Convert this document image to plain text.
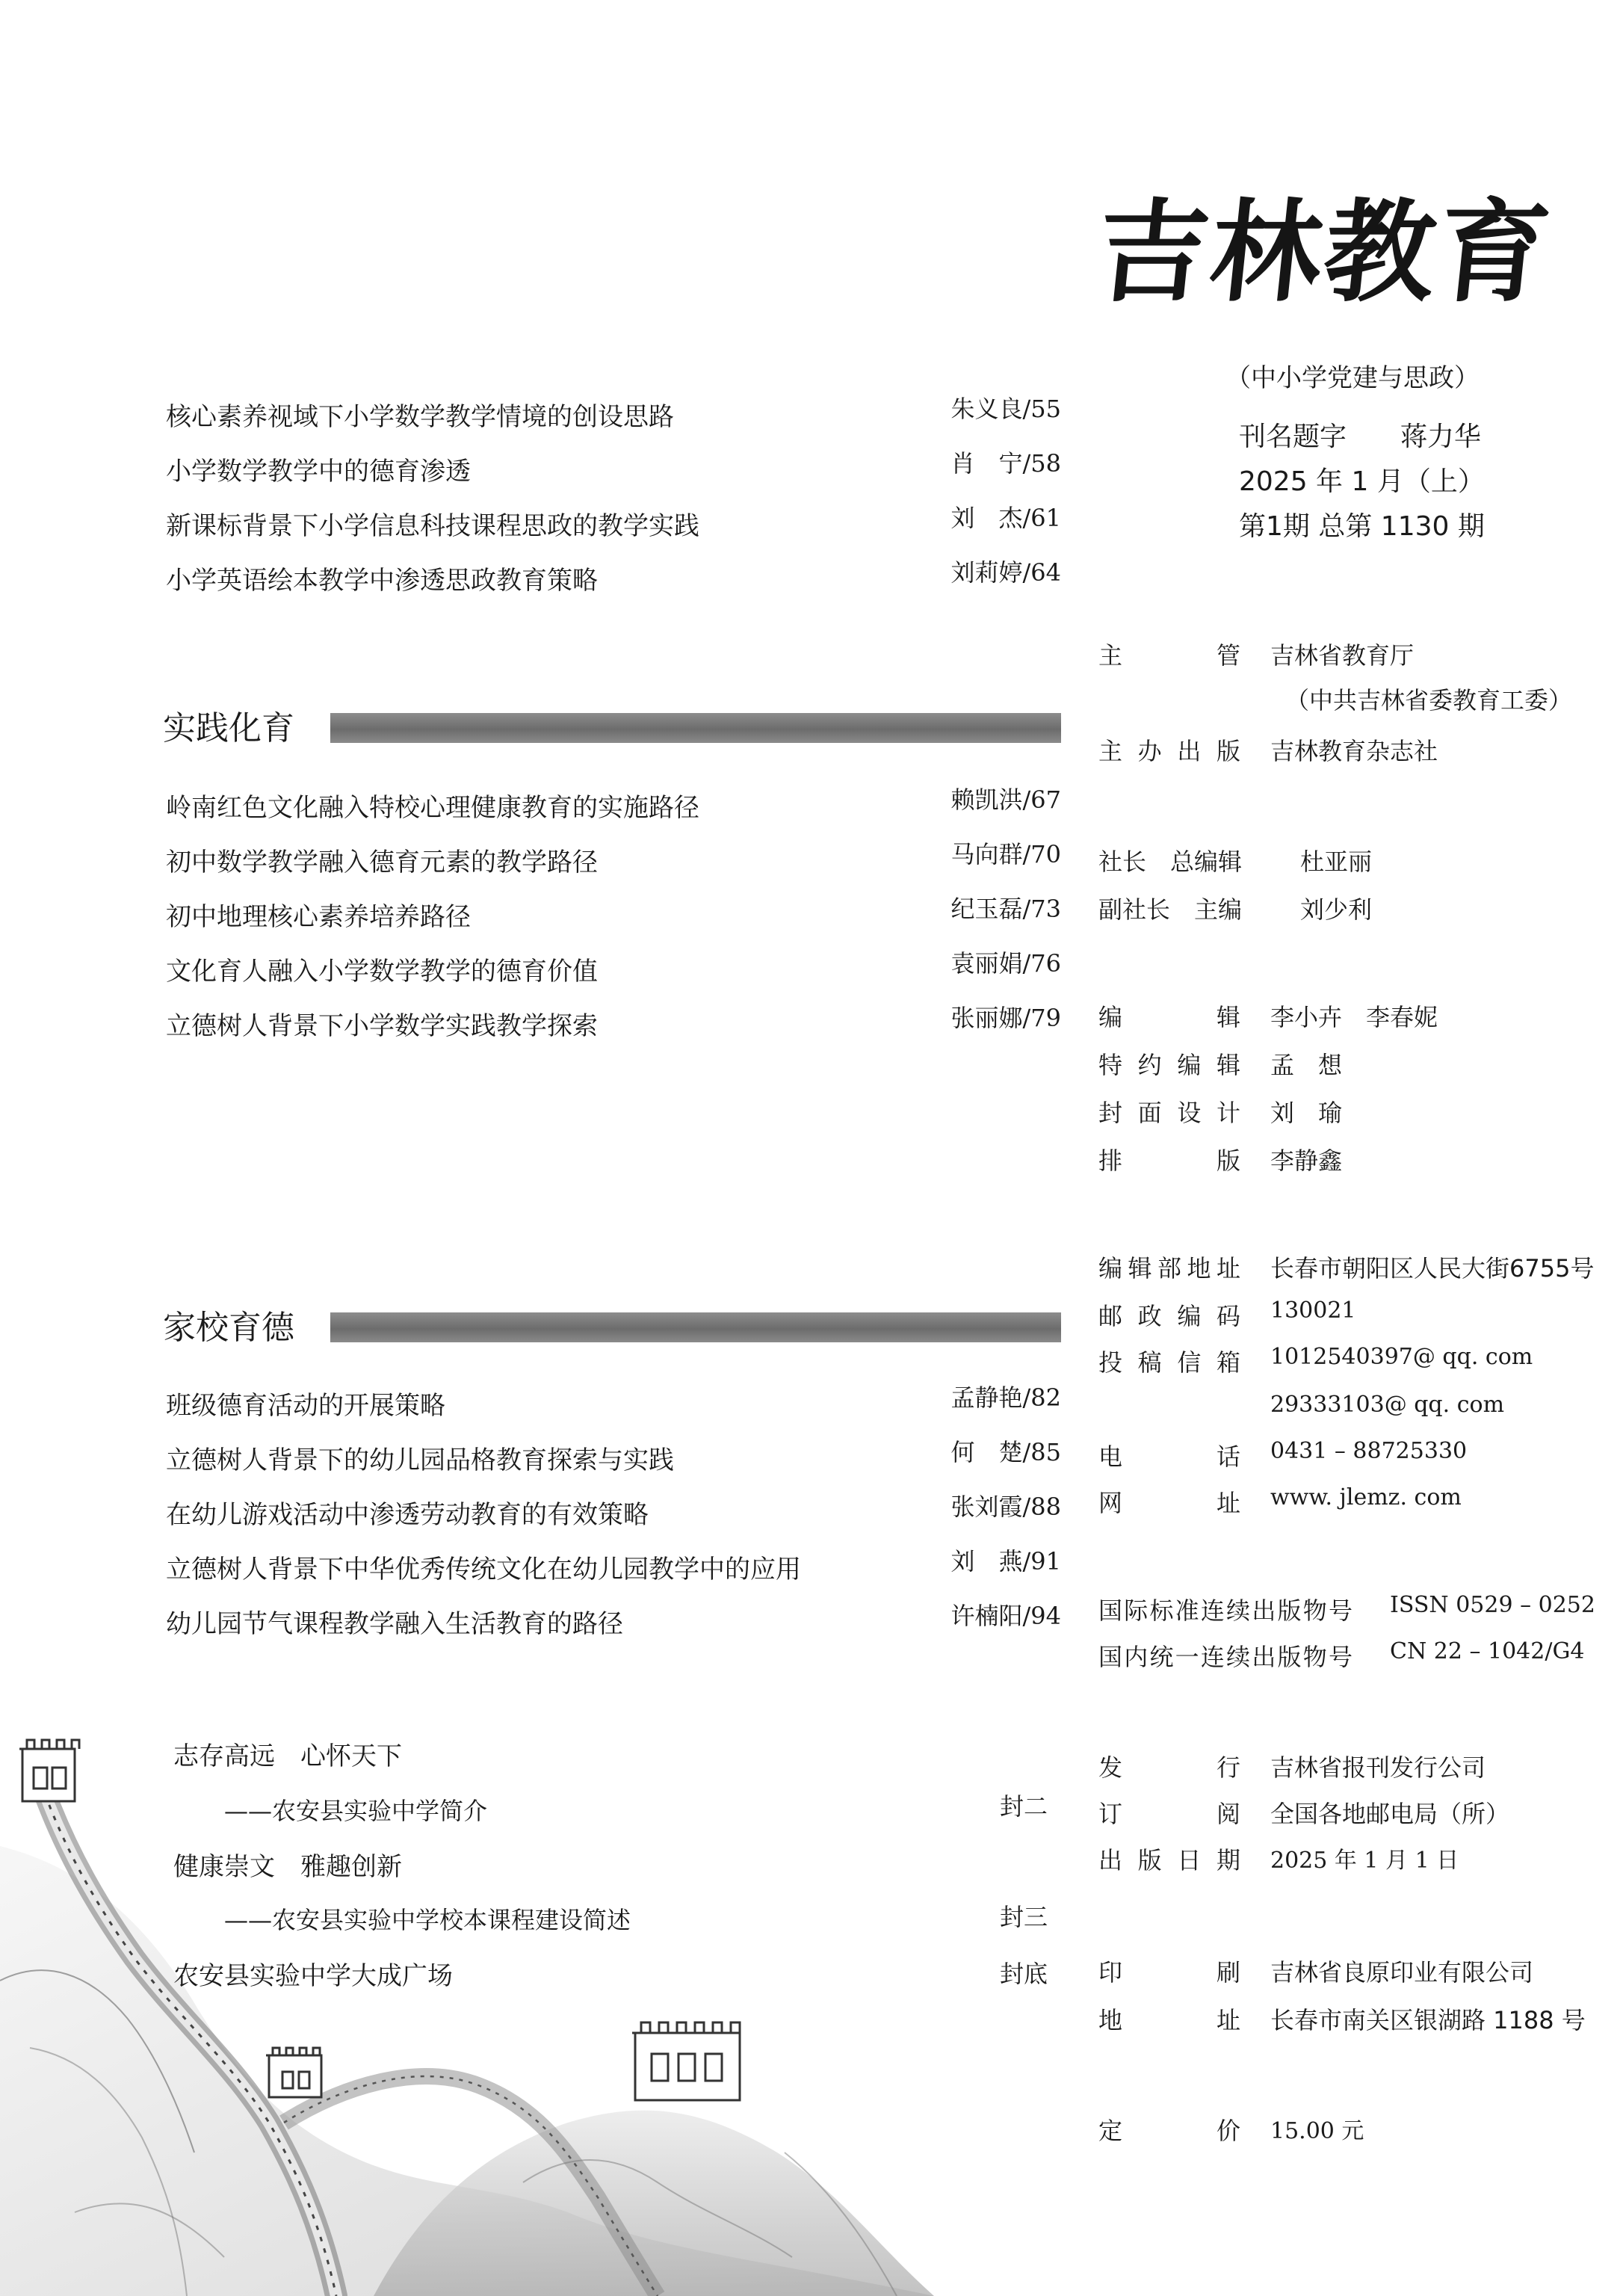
核心素养视域下小学数学教学情境的创设思路	朱义良/55
小学数学教学中的德育渗透	肖　宁/58
新课标背景下小学信息科技课程思政的教学实践	刘　杰/61
小学英语绘本教学中渗透思政教育策略	刘莉婷/64
实践化育
岭南红色文化融入特校心理健康教育的实施路径	赖凯洪/67
初中数学教学融入德育元素的教学路径	马向群/70
初中地理核心素养培养路径	纪玉磊/73
文化育人融入小学数学教学的德育价值	袁丽娟/76
立德树人背景下小学数学实践教学探索	张丽娜/79
家校育德
班级德育活动的开展策略	孟静艳/82
立德树人背景下的幼儿园品格教育探索与实践	何　楚/85
在幼儿游戏活动中渗透劳动教育的有效策略	张刘霞/88
立德树人背景下中华优秀传统文化在幼儿园教学中的应用	刘　燕/91
幼儿园节气课程教学融入生活教育的路径	许楠阳/94
志存高远　心怀天下
——农安县实验中学简介	封二
健康崇文　雅趣创新
——农安县实验中学校本课程建设简述	封三
农安县实验中学大成广场	封底
吉林教育
（中小学党建与思政）
刊名题字　　蒋力华
2025 年 1 月（上）
第1期 总第 1130 期
主管 吉林省教育厅
（中共吉林省委教育工委）
主办出版 吉林教育杂志社
社长　总编辑 杜亚丽
副社长　主编 刘少利
编辑 李小卉　李春妮
特约编辑 孟　想
封面设计 刘　瑜
排版 李静鑫
编辑部地址 长春市朝阳区人民大街6755号
邮政编码 130021
投稿信箱 1012540397@ qq. com
29333103@ qq. com
电话 0431 – 88725330
网址 www. jlemz. com
国际标准连续出版物号 ISSN 0529 – 0252
国内统一连续出版物号 CN 22 – 1042/G4
发行 吉林省报刊发行公司
订阅 全国各地邮电局（所）
出版日期 2025 年 1 月 1 日
印刷 吉林省良原印业有限公司
地址 长春市南关区银湖路 1188 号
定价 15.00 元
